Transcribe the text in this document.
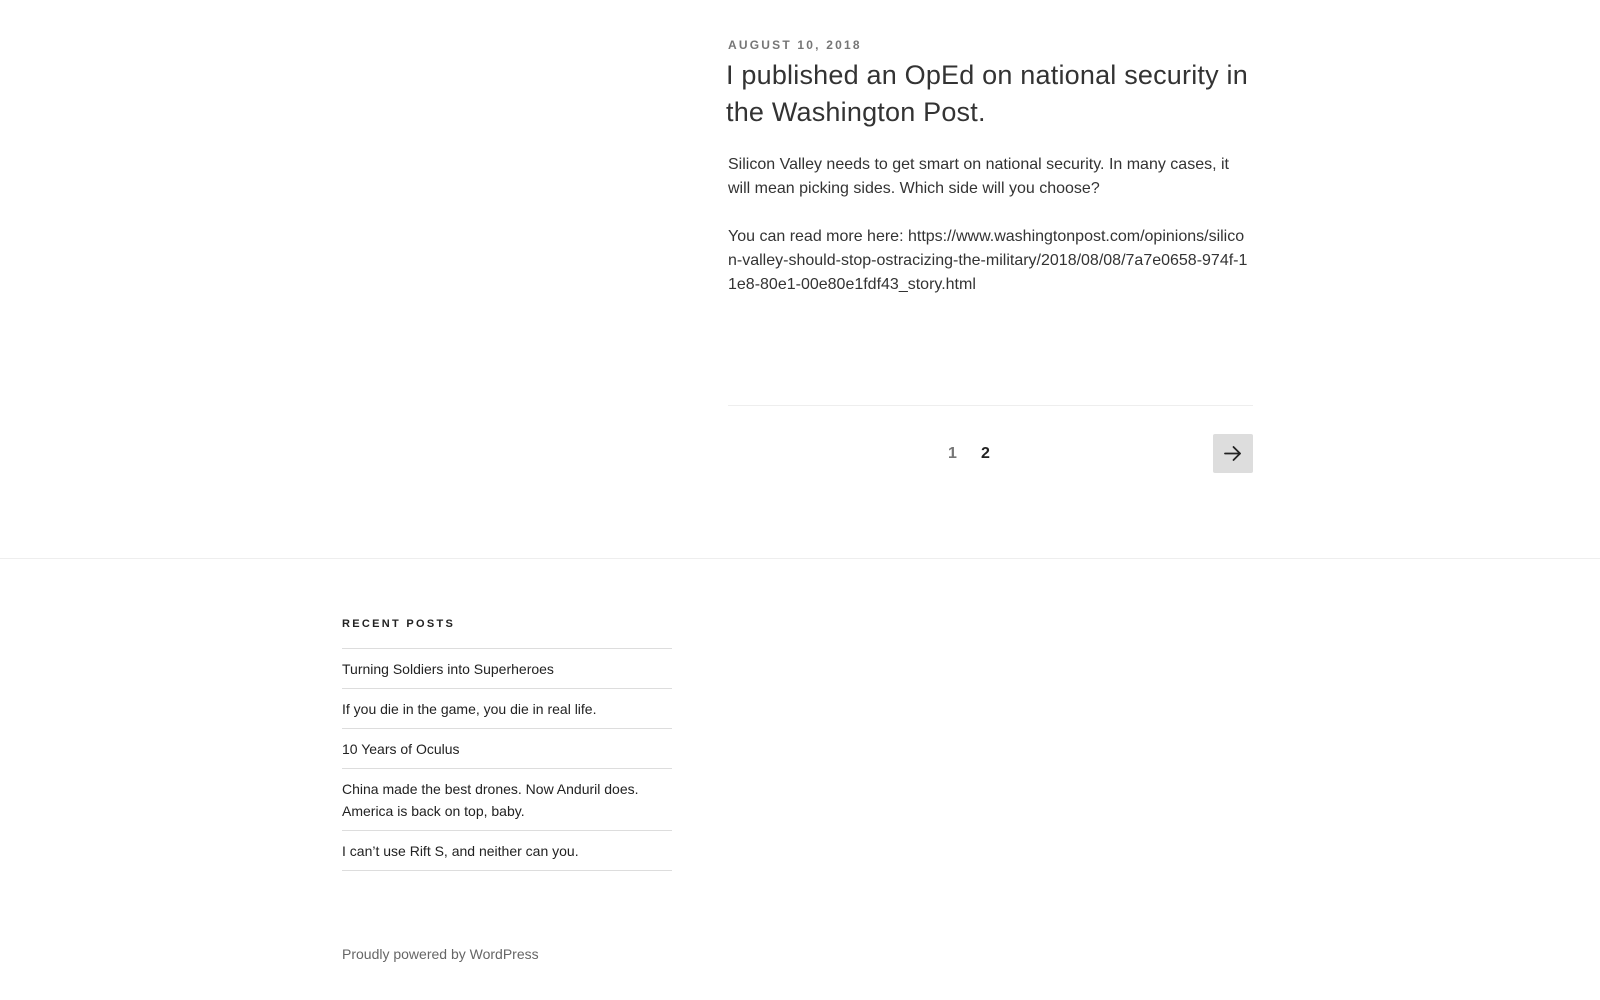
AUGUST 10, 2018
I published an OpEd on national security in the Washington Post.

Silicon Valley needs to get smart on national security. In many cases, it will mean picking sides. Which side will you choose?

You can read more here: https://www.washingtonpost.com/opinions/silicon-valley-should-stop-ostracizing-the-military/2018/08/08/7a7e0658-974f-11e8-80e1-00e80e1fdf43_story.html

1 2
RECENT POSTS
Turning Soldiers into Superheroes
If you die in the game, you die in real life.
10 Years of Oculus
China made the best drones. Now Anduril does. America is back on top, baby.
I can’t use Rift S, and neither can you.
Proudly powered by WordPress
